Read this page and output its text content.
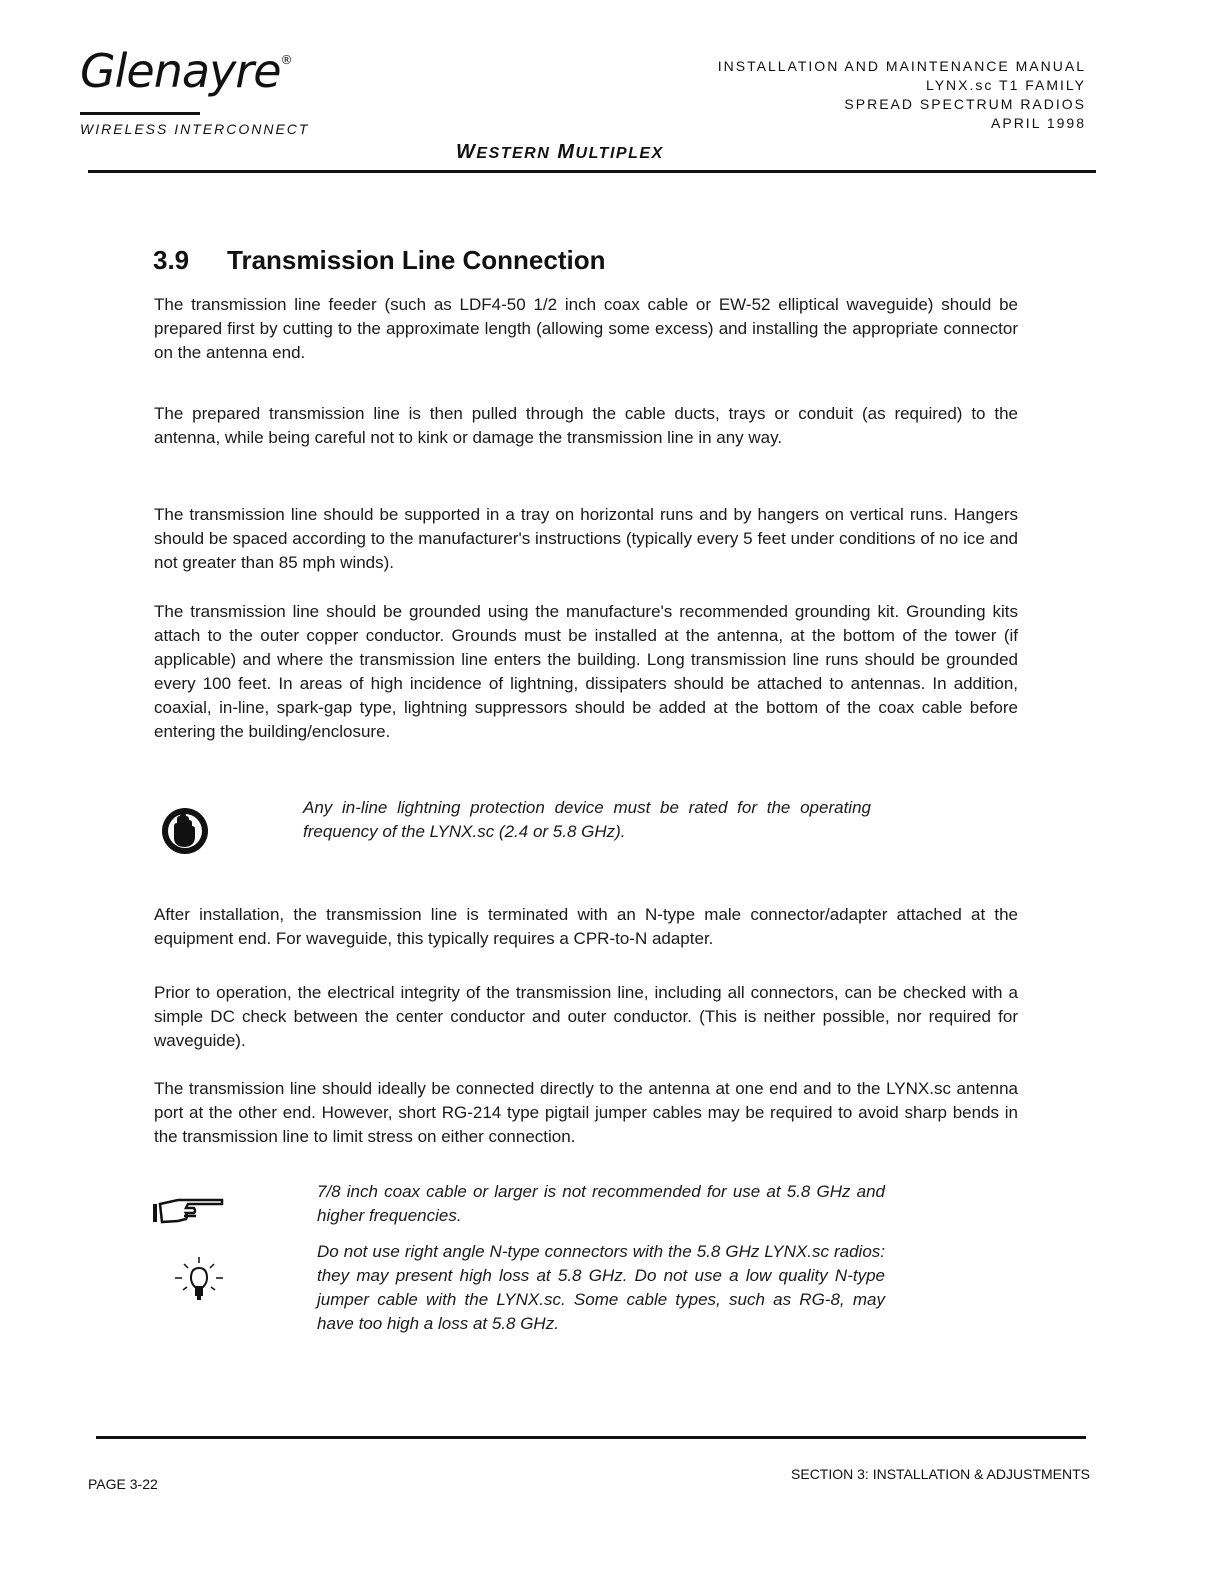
Glenayre®
WIRELESS INTERCONNECT
INSTALLATION AND MAINTENANCE MANUAL
LYNX.sc T1 FAMILY
SPREAD SPECTRUM RADIOS
APRIL 1998
WESTERN MULTIPLEX
3.9 Transmission Line Connection

The transmission line feeder (such as LDF4-50 1/2 inch coax cable or EW-52 elliptical waveguide) should be prepared first by cutting to the approximate length (allowing some excess) and installing the appropriate connector on the antenna end.

The prepared transmission line is then pulled through the cable ducts, trays or conduit (as required) to the antenna, while being careful not to kink or damage the transmission line in any way.

The transmission line should be supported in a tray on horizontal runs and by hangers on vertical runs. Hangers should be spaced according to the manufacturer's instructions (typically every 5 feet under conditions of no ice and not greater than 85 mph winds).

The transmission line should be grounded using the manufacture's recommended grounding kit. Grounding kits attach to the outer copper conductor. Grounds must be installed at the antenna, at the bottom of the tower (if applicable) and where the transmission line enters the building. Long transmission line runs should be grounded every 100 feet. In areas of high incidence of lightning, dissipaters should be attached to antennas. In addition, coaxial, in-line, spark-gap type, lightning suppressors should be added at the bottom of the coax cable before entering the building/enclosure.

Any in-line lightning protection device must be rated for the operating frequency of the LYNX.sc (2.4 or 5.8 GHz).

After installation, the transmission line is terminated with an N-type male connector/adapter attached at the equipment end. For waveguide, this typically requires a CPR-to-N adapter.

Prior to operation, the electrical integrity of the transmission line, including all connectors, can be checked with a simple DC check between the center conductor and outer conductor. (This is neither possible, nor required for waveguide).

The transmission line should ideally be connected directly to the antenna at one end and to the LYNX.sc antenna port at the other end. However, short RG-214 type pigtail jumper cables may be required to avoid sharp bends in the transmission line to limit stress on either connection.

7/8 inch coax cable or larger is not recommended for use at 5.8 GHz and higher frequencies.

Do not use right angle N-type connectors with the 5.8 GHz LYNX.sc radios: they may present high loss at 5.8 GHz. Do not use a low quality N-type jumper cable with the LYNX.sc. Some cable types, such as RG-8, may have too high a loss at 5.8 GHz.

PAGE 3-22
SECTION 3: INSTALLATION & ADJUSTMENTS
